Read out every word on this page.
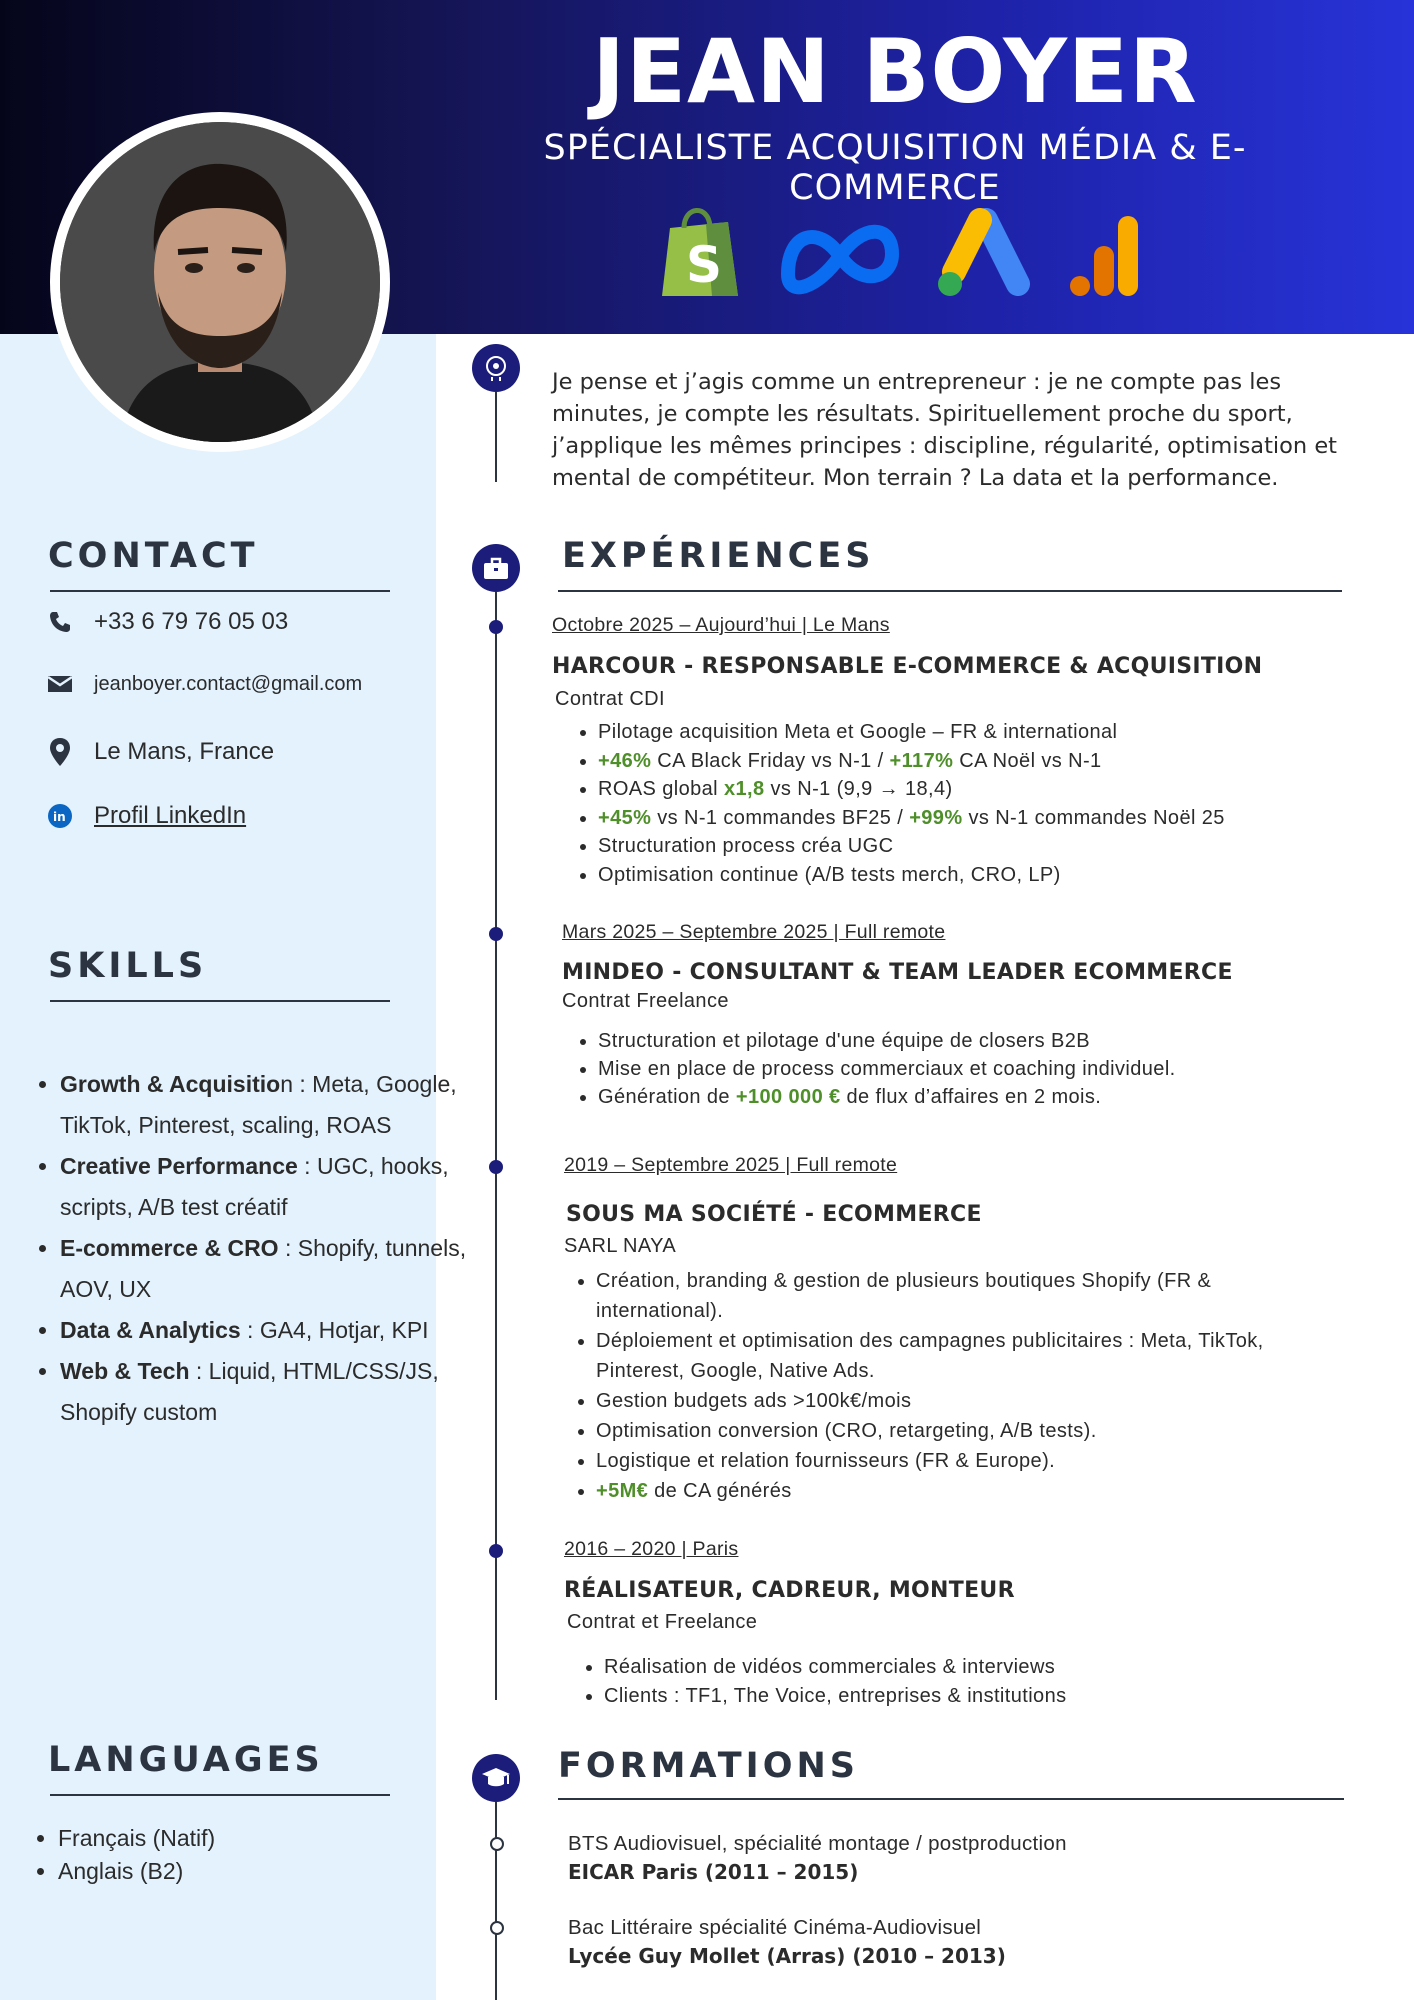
JEAN BOYER
SPÉCIALISTE ACQUISITION MÉDIA & E-COMMERCE
S
CONTACT
+33 6 79 76 05 03
jeanboyer.contact@gmail.com
Le Mans, France
in Profil LinkedIn
SKILLS
• Growth & Acquisition : Meta, Google, TikTok, Pinterest, scaling, ROAS
• Creative Performance : UGC, hooks, scripts, A/B test créatif
• E-commerce & CRO : Shopify, tunnels, AOV, UX
• Data & Analytics : GA4, Hotjar, KPI
• Web & Tech : Liquid, HTML/CSS/JS, Shopify custom
LANGUAGES
• Français (Natif)
• Anglais (B2)
Je pense et j’agis comme un entrepreneur : je ne compte pas les minutes, je compte les résultats. Spirituellement proche du sport, j’applique les mêmes principes : discipline, régularité, optimisation et mental de compétiteur. Mon terrain ? La data et la performance.
EXPÉRIENCES
Octobre 2025 – Aujourd’hui | Le Mans
HARCOUR - RESPONSABLE E-COMMERCE & ACQUISITION
Contrat CDI
• Pilotage acquisition Meta et Google – FR & international
• +46% CA Black Friday vs N-1 / +117% CA Noël vs N-1
• ROAS global x1,8 vs N-1 (9,9 → 18,4)
• +45% vs N-1 commandes BF25 / +99% vs N-1 commandes Noël 25
• Structuration process créa UGC
• Optimisation continue (A/B tests merch, CRO, LP)
Mars 2025 – Septembre 2025 | Full remote
MINDEO - CONSULTANT & TEAM LEADER ECOMMERCE
Contrat Freelance
• Structuration et pilotage d'une équipe de closers B2B
• Mise en place de process commerciaux et coaching individuel.
• Génération de +100 000 € de flux d’affaires en 2 mois.
2019 – Septembre 2025 | Full remote
SOUS MA SOCIÉTÉ - ECOMMERCE
SARL NAYA
• Création, branding & gestion de plusieurs boutiques Shopify (FR & international).
• Déploiement et optimisation des campagnes publicitaires : Meta, TikTok, Pinterest, Google, Native Ads.
• Gestion budgets ads >100k€/mois
• Optimisation conversion (CRO, retargeting, A/B tests).
• Logistique et relation fournisseurs (FR & Europe).
• +5M€ de CA générés
2016 – 2020 | Paris
RÉALISATEUR, CADREUR, MONTEUR
Contrat et Freelance
• Réalisation de vidéos commerciales & interviews
• Clients : TF1, The Voice, entreprises & institutions
FORMATIONS
BTS Audiovisuel, spécialité montage / postproduction
EICAR Paris (2011 – 2015)
Bac Littéraire spécialité Cinéma-Audiovisuel
Lycée Guy Mollet (Arras) (2010 – 2013)
